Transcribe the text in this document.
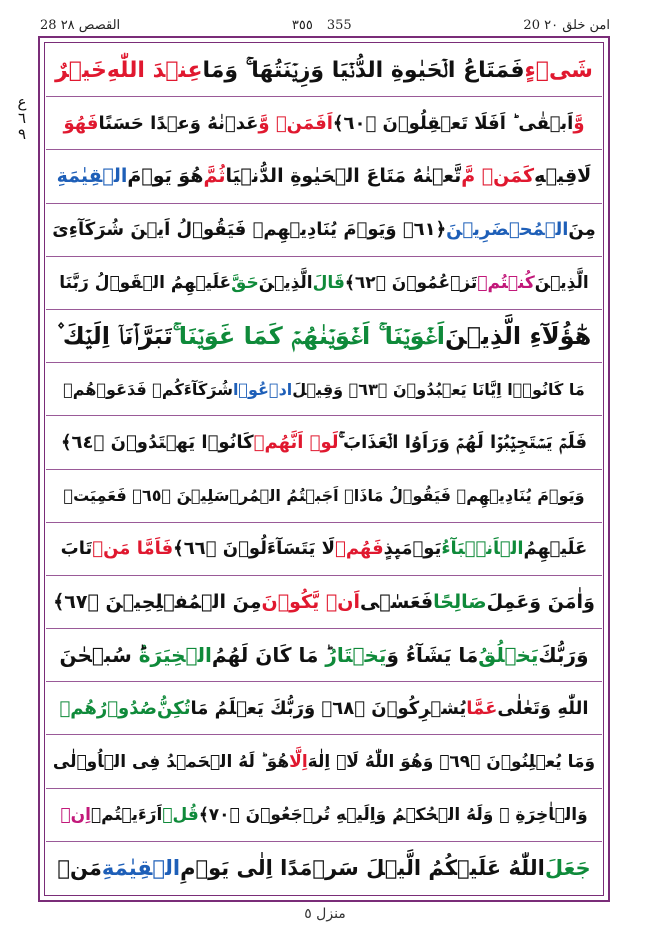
28 القصص ٢٨	٣٥٥ 355	20 امن خلق ٢٠
ع
٦
٩
شَیۡءٍ
فَمَتَاعُ الۡحَیٰوةِ الدُّنۡیَا وَزِیۡنَتُهَا ۚ وَمَا
عِنۡدَ اللّٰهِ
خَیۡرٌ
وَّ
اَبۡقٰی ؕ اَفَلَا تَعۡقِلُوۡنَ ﴿٦٠﴾
اَفَمَنۡ وَّ
عَدۡنٰهُ وَعۡدًا حَسَنًا
فَهُوَ
لَاقِیۡهِ
كَمَنۡ مَّ
تَّعۡنٰهُ مَتَاعَ الۡحَیٰوةِ الدُّنۡیَا
ثُمَّ
هُوَ یَوۡمَ
الۡقِیٰمَةِ
مِنَ
الۡمُحۡضَرِیۡنَ
﴿٦١﴾ وَیَوۡمَ یُنَادِیۡهِمۡ فَیَقُوۡلُ اَیۡنَ شُرَكَآءِیَ
الَّذِیۡنَ
كُنۡتُمۡ
تَزۡعُمُوۡنَ ﴿٦٢﴾
قَالَ
الَّذِیۡنَ
حَقَّ
عَلَیۡهِمُ الۡقَوۡلُ رَبَّنَا
هٰٓؤُلَآءِ الَّذِیۡنَ
اَغۡوَیۡنَا ۚ اَغۡوَیۡنٰهُمۡ كَمَا غَوَیۡنَا ۚ
تَبَرَّاۡنَاۤ اِلَیۡكَ ۫
مَا كَانُوۡۤا اِیَّانَا یَعۡبُدُوۡنَ ﴿٦٣﴾ وَقِیۡلَ
ادۡعُوۡا
شُرَكَآءَكُمۡ فَدَعَوۡهُمۡ
فَلَمۡ یَسۡتَجِیۡبُوۡا لَهُمۡ وَرَاَوُا الۡعَذَابَ ۚ
لَوۡ اَنَّهُمۡ
كَانُوۡا یَهۡتَدُوۡنَ ﴿٦٤﴾
وَیَوۡمَ یُنَادِیۡهِمۡ فَیَقُوۡلُ مَاذَاۤ اَجَبۡتُمُ الۡمُرۡسَلِیۡنَ ﴿٦٥﴾ فَعَمِیَتۡ
عَلَیۡهِمُ
الۡاَنۡۢبَآءُ
یَوۡمَىِٕذٍ
فَهُمۡ
لَا یَتَسَآءَلُوۡنَ ﴿٦٦﴾
فَاَمَّا مَنۡ
تَابَ
وَاٰمَنَ وَعَمِلَ
صَالِحًا
فَعَسٰۤی
اَنۡ یَّكُوۡنَ
مِنَ الۡمُفۡلِحِیۡنَ ﴿٦٧﴾
وَرَبُّكَ
یَخۡلُقُ
مَا یَشَآءُ وَ
یَخۡتَارُ
ؕ مَا كَانَ لَهُمُ
الۡخِیَرَةُ
ؕ سُبۡحٰنَ
اللّٰهِ وَتَعٰلٰی
عَمَّا
یُشۡرِكُوۡنَ ﴿٦٨﴾ وَرَبُّكَ یَعۡلَمُ مَا
تُكِنُّ
صُدُوۡرُهُمۡ
وَمَا یُعۡلِنُوۡنَ ﴿٦٩﴾ وَهُوَ اللّٰهُ لَاۤ اِلٰهَ
اِلَّا
هُوَ ؕ لَهُ الۡحَمۡدُ فِی الۡاُوۡلٰی
وَالۡاٰخِرَةِ ۫ وَلَهُ الۡحُكۡمُ وَاِلَیۡهِ تُرۡجَعُوۡنَ ﴿٧٠﴾
قُلۡ
اَرَءَیۡتُمۡ
اِنۡ
جَعَلَ
اللّٰهُ عَلَیۡكُمُ الَّیۡلَ سَرۡمَدًا اِلٰی یَوۡمِ
الۡقِیٰمَةِ
مَنۡ
منزل ٥
